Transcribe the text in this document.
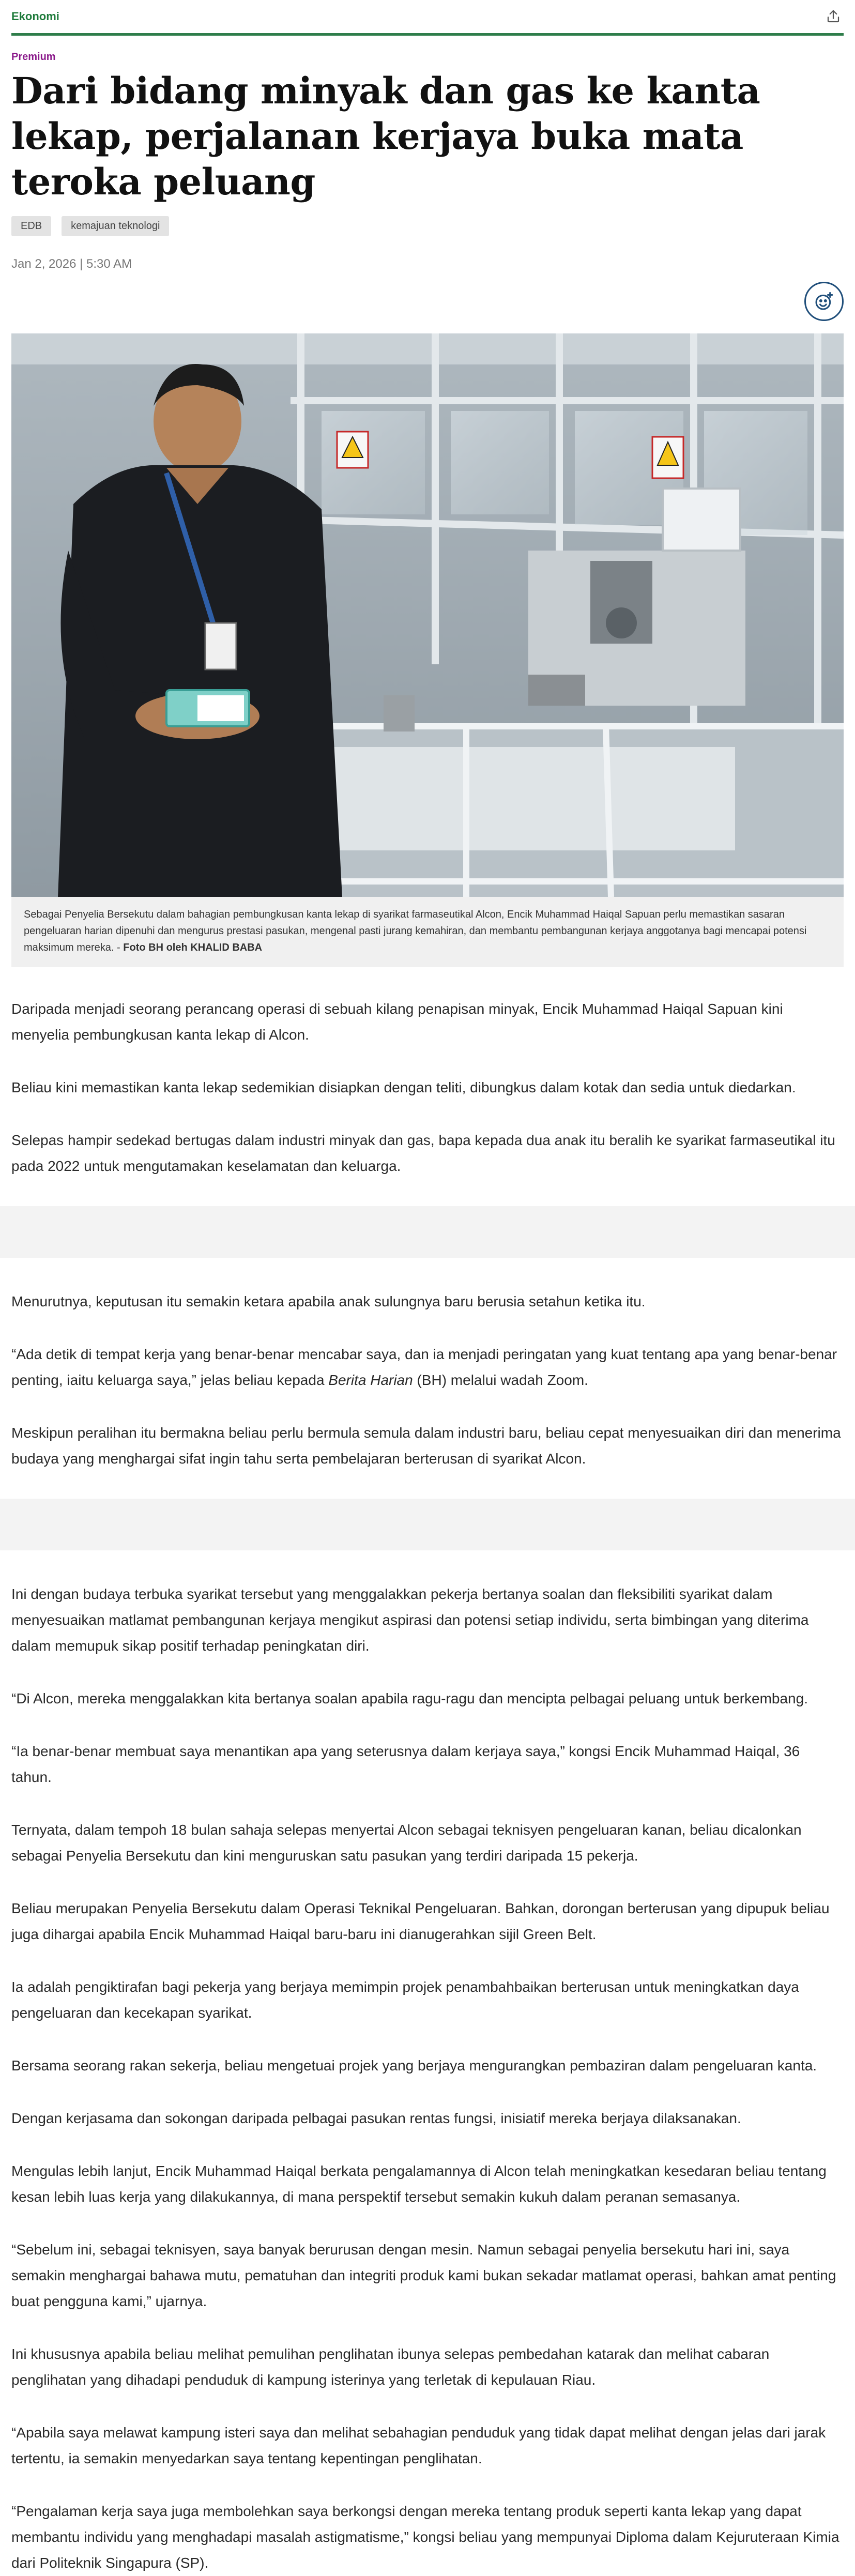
Ekonomi
Premium
Dari bidang minyak dan gas ke kanta lekap, perjalanan kerjaya buka mata teroka peluang
EDB	kemajuan teknologi
Jan 2, 2026 | 5:30 AM
Sebagai Penyelia Bersekutu dalam bahagian pembungkusan kanta lekap di syarikat farmaseutikal Alcon, Encik Muhammad Haiqal Sapuan perlu memastikan sasaran pengeluaran harian dipenuhi dan mengurus prestasi pasukan, mengenal pasti jurang kemahiran, dan membantu pembangunan kerjaya anggotanya bagi mencapai potensi maksimum mereka. - Foto BH oleh KHALID BABA

Daripada menjadi seorang perancang operasi di sebuah kilang penapisan minyak, Encik Muhammad Haiqal Sapuan kini menyelia pembungkusan kanta lekap di Alcon.

Beliau kini memastikan kanta lekap sedemikian disiapkan dengan teliti, dibungkus dalam kotak dan sedia untuk diedarkan.

Selepas hampir sedekad bertugas dalam industri minyak dan gas, bapa kepada dua anak itu beralih ke syarikat farmaseutikal itu pada 2022 untuk mengutamakan keselamatan dan keluarga.

Menurutnya, keputusan itu semakin ketara apabila anak sulungnya baru berusia setahun ketika itu.

“Ada detik di tempat kerja yang benar-benar mencabar saya, dan ia menjadi peringatan yang kuat tentang apa yang benar-benar penting, iaitu keluarga saya,” jelas beliau kepada Berita Harian (BH) melalui wadah Zoom.

Meskipun peralihan itu bermakna beliau perlu bermula semula dalam industri baru, beliau cepat menyesuaikan diri dan menerima budaya yang menghargai sifat ingin tahu serta pembelajaran berterusan di syarikat Alcon.

Ini dengan budaya terbuka syarikat tersebut yang menggalakkan pekerja bertanya soalan dan fleksibiliti syarikat dalam menyesuaikan matlamat pembangunan kerjaya mengikut aspirasi dan potensi setiap individu, serta bimbingan yang diterima dalam memupuk sikap positif terhadap peningkatan diri.

“Di Alcon, mereka menggalakkan kita bertanya soalan apabila ragu-ragu dan mencipta pelbagai peluang untuk berkembang.

“Ia benar-benar membuat saya menantikan apa yang seterusnya dalam kerjaya saya,” kongsi Encik Muhammad Haiqal, 36 tahun.

Ternyata, dalam tempoh 18 bulan sahaja selepas menyertai Alcon sebagai teknisyen pengeluaran kanan, beliau dicalonkan sebagai Penyelia Bersekutu dan kini menguruskan satu pasukan yang terdiri daripada 15 pekerja.

Beliau merupakan Penyelia Bersekutu dalam Operasi Teknikal Pengeluaran. Bahkan, dorongan berterusan yang dipupuk beliau juga dihargai apabila Encik Muhammad Haiqal baru-baru ini dianugerahkan sijil Green Belt.

Ia adalah pengiktirafan bagi pekerja yang berjaya memimpin projek penambahbaikan berterusan untuk meningkatkan daya pengeluaran dan kecekapan syarikat.

Bersama seorang rakan sekerja, beliau mengetuai projek yang berjaya mengurangkan pembaziran dalam pengeluaran kanta.

Dengan kerjasama dan sokongan daripada pelbagai pasukan rentas fungsi, inisiatif mereka berjaya dilaksanakan.

Mengulas lebih lanjut, Encik Muhammad Haiqal berkata pengalamannya di Alcon telah meningkatkan kesedaran beliau tentang kesan lebih luas kerja yang dilakukannya, di mana perspektif tersebut semakin kukuh dalam peranan semasanya.

“Sebelum ini, sebagai teknisyen, saya banyak berurusan dengan mesin. Namun sebagai penyelia bersekutu hari ini, saya semakin menghargai bahawa mutu, pematuhan dan integriti produk kami bukan sekadar matlamat operasi, bahkan amat penting buat pengguna kami,” ujarnya.

Ini khususnya apabila beliau melihat pemulihan penglihatan ibunya selepas pembedahan katarak dan melihat cabaran penglihatan yang dihadapi penduduk di kampung isterinya yang terletak di kepulauan Riau.

“Apabila saya melawat kampung isteri saya dan melihat sebahagian penduduk yang tidak dapat melihat dengan jelas dari jarak tertentu, ia semakin menyedarkan saya tentang kepentingan penglihatan.

“Pengalaman kerja saya juga membolehkan saya berkongsi dengan mereka tentang produk seperti kanta lekap yang dapat membantu individu yang menghadapi masalah astigmatisme,” kongsi beliau yang mempunyai Diploma dalam Kejuruteraan Kimia dari Politeknik Singapura (SP).
